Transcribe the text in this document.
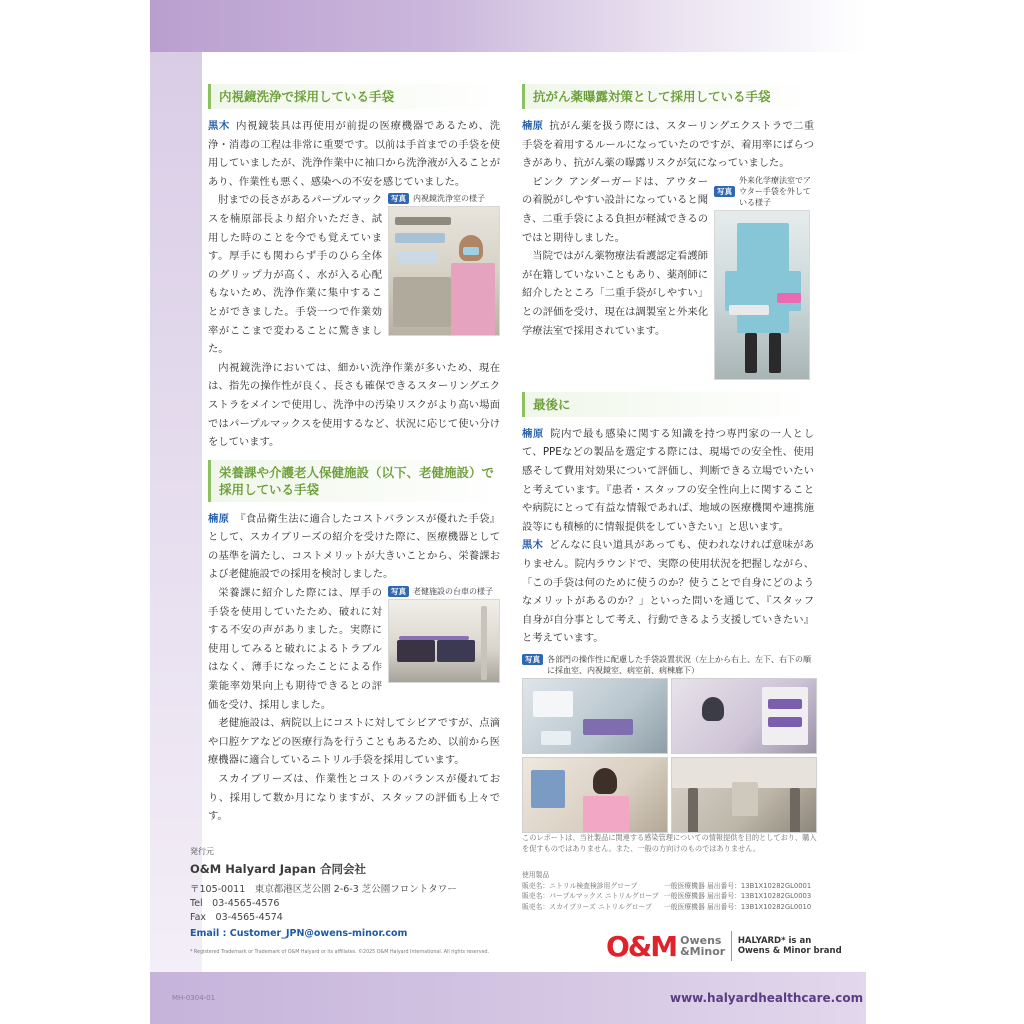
内視鏡洗浄で採用している手袋

黒木 内視鏡装具は再使用が前提の医療機器であるため、洗浄・消毒の工程は非常に重要です。以前は手首までの手袋を使用していましたが、洗浄作業中に袖口から洗浄液が入ることがあり、作業性も悪く、感染への不安を感じていました。

写真 内視鏡洗浄室の様子

肘までの長さがあるパープルマックスを楠原部長より紹介いただき、試用した時のことを今でも覚えています。厚手にも関わらず手のひら全体のグリップ力が高く、水が入る心配もないため、洗浄作業に集中することができました。手袋一つで作業効率がここまで変わることに驚きました。

内視鏡洗浄においては、細かい洗浄作業が多いため、現在は、指先の操作性が良く、長さも確保できるスターリングエクストラをメインで使用し、洗浄中の汚染リスクがより高い場面ではパープルマックスを使用するなど、状況に応じて使い分けをしています。

栄養課や介護老人保健施設（以下、老健施設）で採用している手袋

楠原 『食品衛生法に適合したコストバランスが優れた手袋』として、スカイブリーズの紹介を受けた際に、医療機器としての基準を満たし、コストメリットが大きいことから、栄養課および老健施設での採用を検討しました。

写真 老健施設の台車の様子

栄養課に紹介した際には、厚手の手袋を使用していたため、破れに対する不安の声がありました。実際に使用してみると破れによるトラブルはなく、薄手になったことによる作業能率効果向上も期待できるとの評価を受け、採用しました。

老健施設は、病院以上にコストに対してシビアですが、点滴や口腔ケアなどの医療行為を行うこともあるため、以前から医療機器に適合しているニトリル手袋を採用しています。

スカイブリーズは、作業性とコストのバランスが優れており、採用して数か月になりますが、スタッフの評価も上々です。

抗がん薬曝露対策として採用している手袋

楠原 抗がん薬を扱う際には、スターリングエクストラで二重手袋を着用するルールになっていたのですが、着用率にばらつきがあり、抗がん薬の曝露リスクが気になっていました。

写真
外来化学療法室でアウター手袋を外している様子

ピンク アンダーガードは、アウターの着脱がしやすい設計になっていると聞き、二重手袋による負担が軽減できるのではと期待しました。

当院ではがん薬物療法看護認定看護師が在籍していないこともあり、薬剤師に紹介したところ「二重手袋がしやすい」との評価を受け、現在は調製室と外来化学療法室で採用されています。

最後に

楠原 院内で最も感染に関する知識を持つ専門家の一人として、PPEなどの製品を選定する際には、現場での安全性、使用感そして費用対効果について評価し、判断できる立場でいたいと考えています。『患者・スタッフの安全性向上に関することや病院にとって有益な情報であれば、地域の医療機関や連携施設等にも積極的に情報提供をしていきたい』と思います。

黒木 どんなに良い道具があっても、使われなければ意味がありません。院内ラウンドで、実際の使用状況を把握しながら、「この手袋は何のために使うのか？使うことで自身にどのようなメリットがあるのか？」といった問いを通じて、『スタッフ自身が自分事として考え、行動できるよう支援していきたい』と考えています。

写真 各部門の操作性に配慮した手袋設置状況（左上から右上、左下、右下の順に採血室、内視鏡室、病室前、病棟廊下）
このレポートは、当社製品に関連する感染管理についての情報提供を目的としており、購入を促すものではありません。また、一般の方向けのものではありません。
使用製品
販売名：ニトリル検査検診用グローブ	一般医療機器 届出番号：13B1X10282GL0001
販売名：パープルマックス ニトリルグローブ 一般医療機器 届出番号：13B1X10282GL0003
販売名：スカイブリーズ ニトリルグローブ	一般医療機器 届出番号：13B1X10282GL0010
発行元
O&M Halyard Japan 合同会社
〒105-0011　東京都港区芝公園 2-6-3 芝公園フロントタワー
Tel　03-4565-4576
Fax　03-4565-4574
Email : Customer_JPN@owens-minor.com
* Registered Trademark or Trademark of O&M Halyard or its affiliates. ©2025 O&M Halyard International. All rights reserved.	O&M Owens
&Minor
HALYARD* is an Owens & Minor brand
MH-0304-01	www.halyardhealthcare.com
